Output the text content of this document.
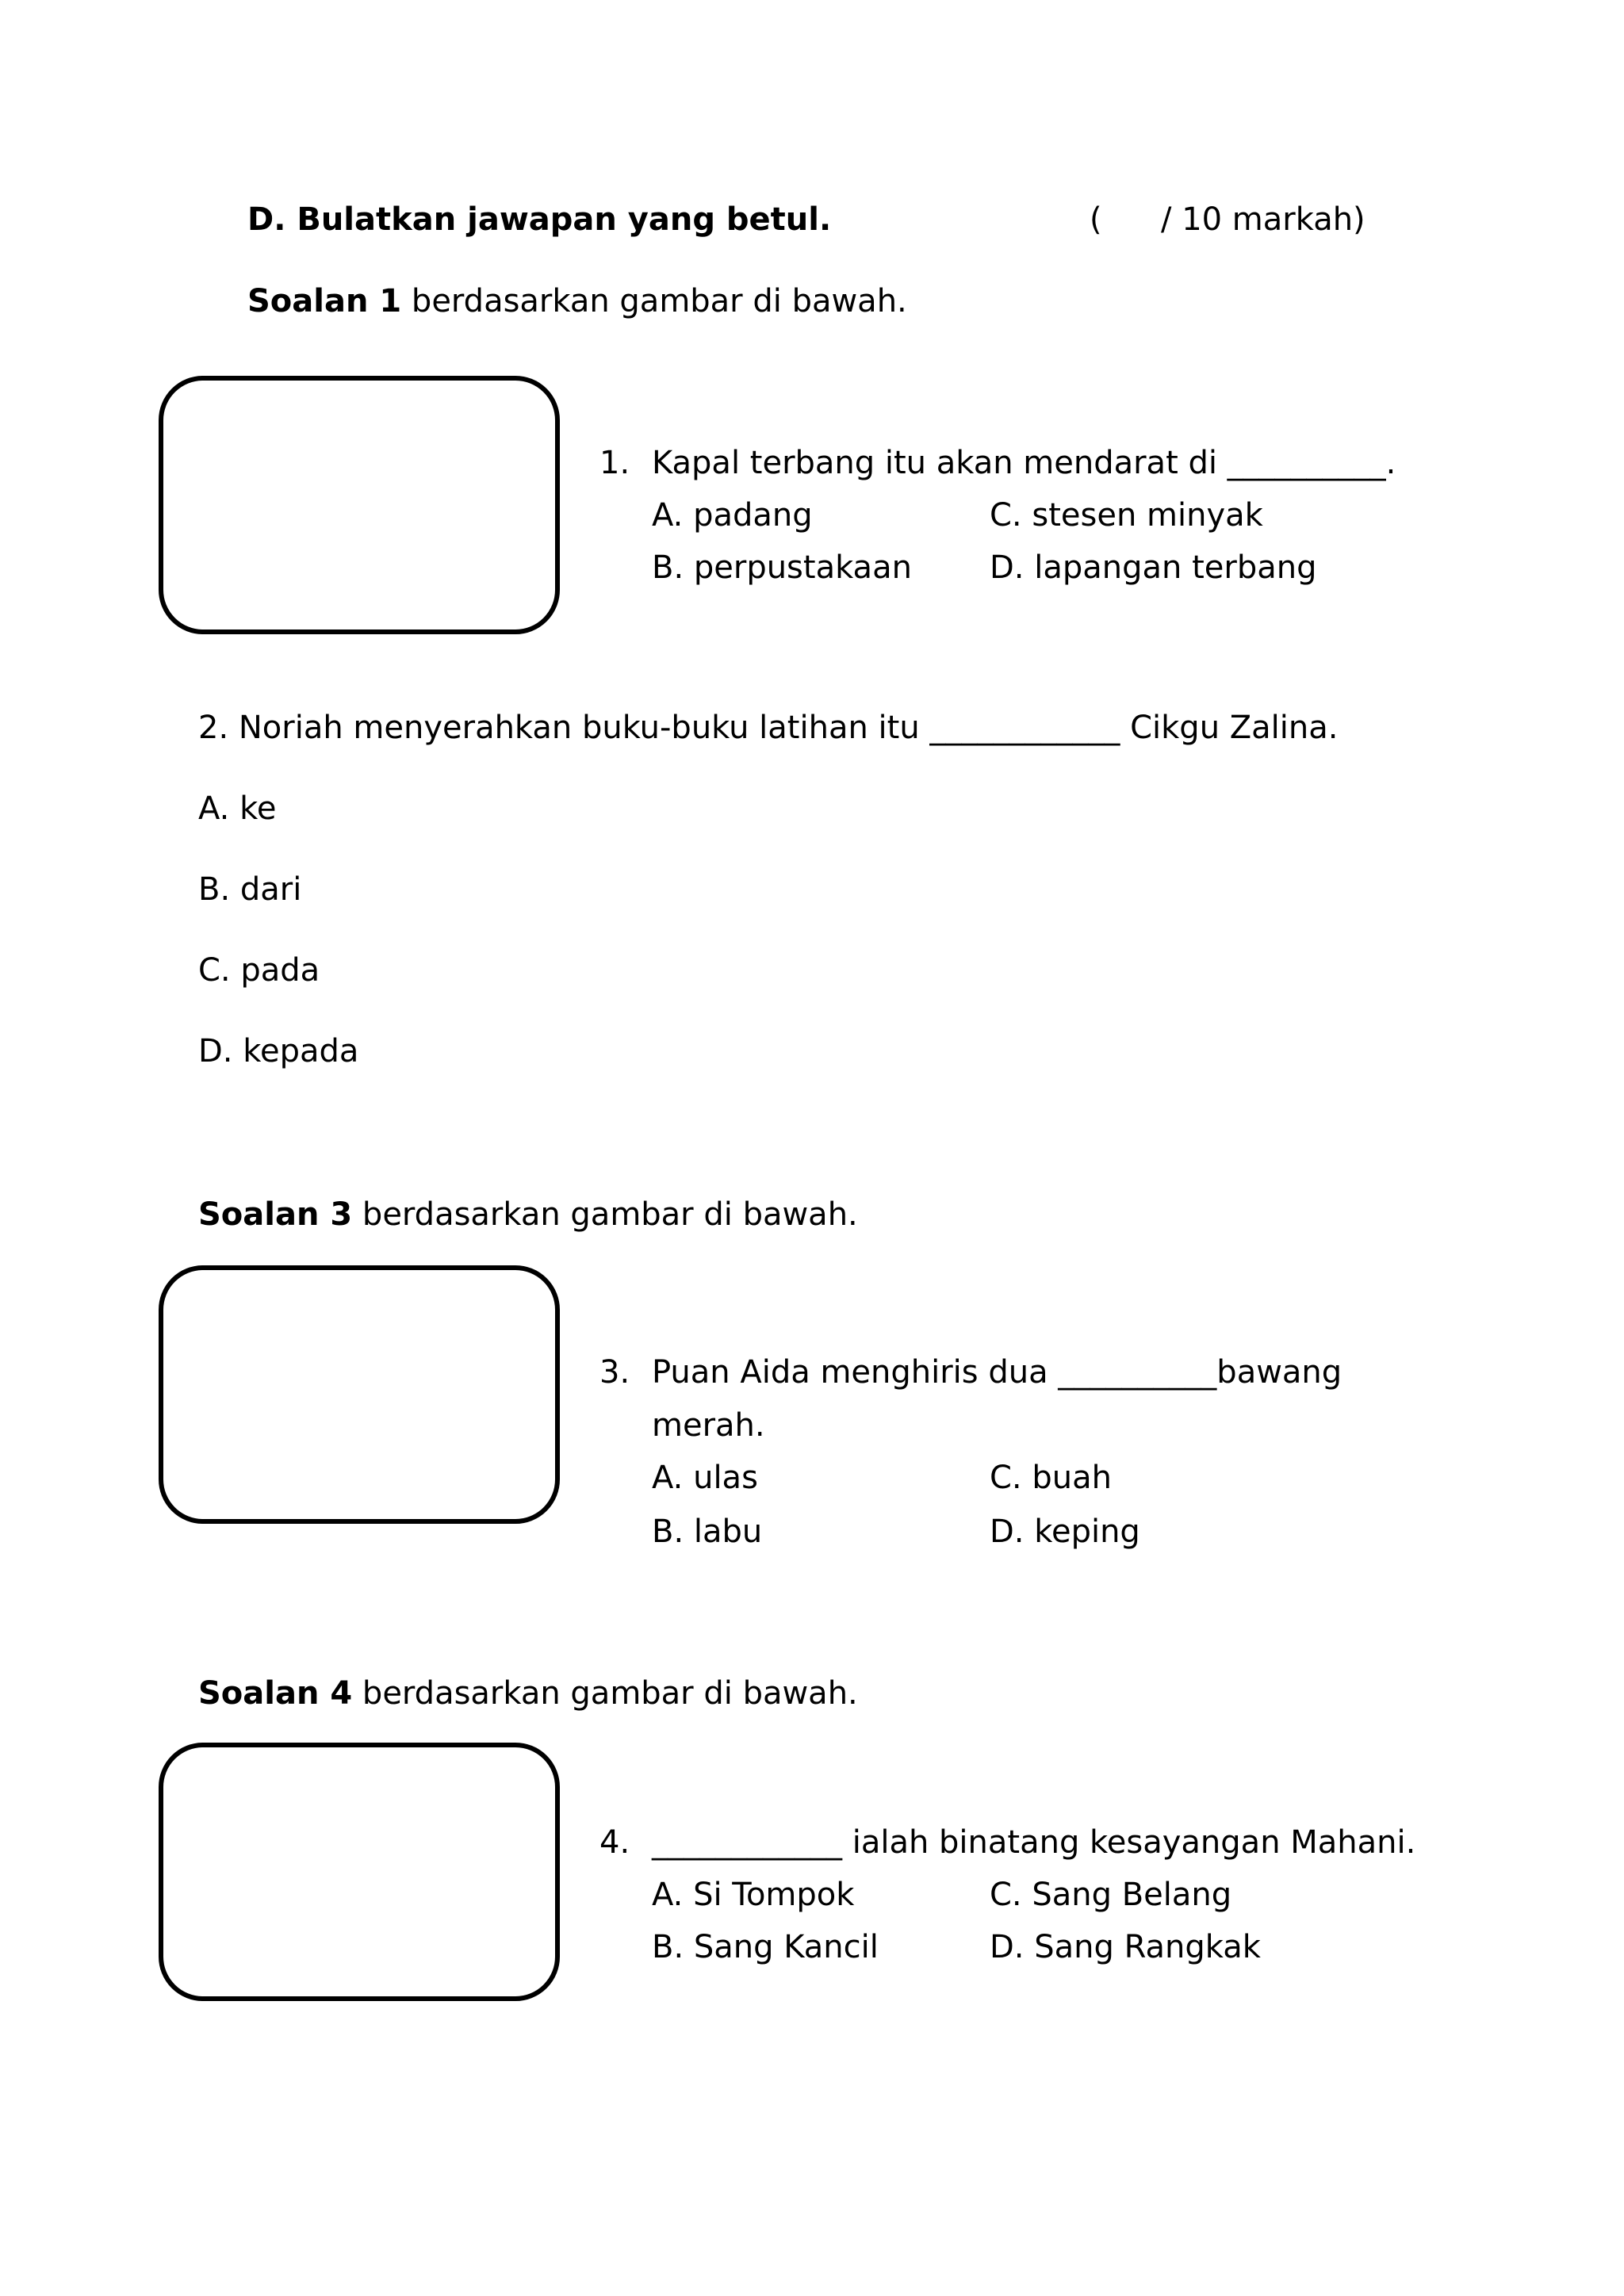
D. Bulatkan jawapan yang betul.	( / 10 markah)
Soalan 1 berdasarkan gambar di bawah.
1. Kapal terbang itu akan mendarat di __________.
A. padang	C. stesen minyak
B. perpustakaan D. lapangan terbang
2. Noriah menyerahkan buku-buku latihan itu ____________ Cikgu Zalina.
A. ke
B. dari
C. pada
D. kepada
Soalan 3 berdasarkan gambar di bawah.
3. Puan Aida menghiris dua __________bawang
merah.
A. ulas	C. buah
B. labu	D. keping
Soalan 4 berdasarkan gambar di bawah.
4. ____________ ialah binatang kesayangan Mahani.
A. Si Tompok	C. Sang Belang
B. Sang Kancil	D. Sang Rangkak
